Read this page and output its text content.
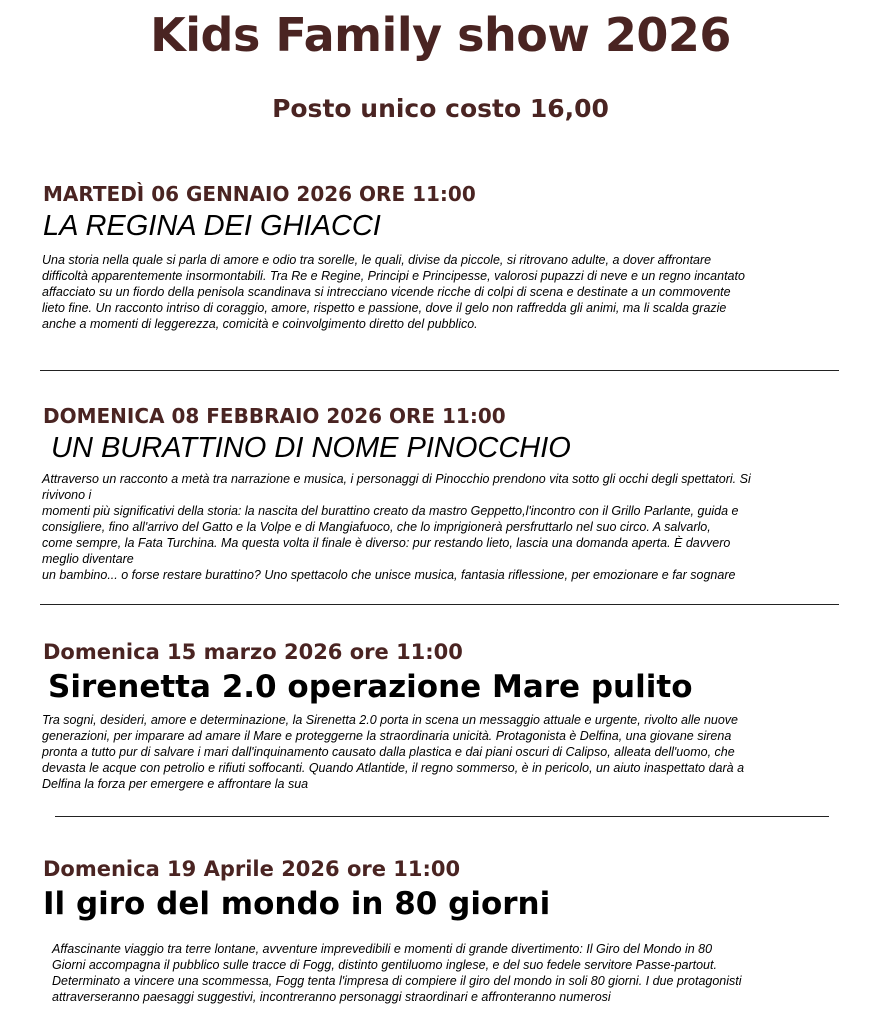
Kids Family show 2026
Posto unico costo 16,00
MARTEDÌ 06 GENNAIO 2026 ORE 11:00
LA REGINA DEI GHIACCI
Una storia nella quale si parla di amore e odio tra sorelle, le quali, divise da piccole, si ritrovano adulte, a dover affrontare
difficoltà apparentemente insormontabili. Tra Re e Regine, Principi e Principesse, valorosi pupazzi di neve e un regno incantato
affacciato su un fiordo della penisola scandinava si intrecciano vicende ricche di colpi di scena e destinate a un commovente
lieto fine. Un racconto intriso di coraggio, amore, rispetto e passione, dove il gelo non raffredda gli animi, ma li scalda grazie
anche a momenti di leggerezza, comicità e coinvolgimento diretto del pubblico.
DOMENICA 08 FEBBRAIO 2026 ORE 11:00
UN BURATTINO DI NOME PINOCCHIO
Attraverso un racconto a metà tra narrazione e musica, i personaggi di Pinocchio prendono vita sotto gli occhi degli spettatori. Si
rivivono i
momenti più significativi della storia: la nascita del burattino creato da mastro Geppetto,l'incontro con il Grillo Parlante, guida e
consigliere, fino all'arrivo del Gatto e la Volpe e di Mangiafuoco, che lo imprigionerà persfruttarlo nel suo circo. A salvarlo,
come sempre, la Fata Turchina. Ma questa volta il finale è diverso: pur restando lieto, lascia una domanda aperta. È davvero
meglio diventare
un bambino... o forse restare burattino? Uno spettacolo che unisce musica, fantasia riflessione, per emozionare e far sognare
Domenica 15 marzo 2026 ore 11:00
Sirenetta 2.0 operazione Mare pulito
Tra sogni, desideri, amore e determinazione, la Sirenetta 2.0 porta in scena un messaggio attuale e urgente, rivolto alle nuove
generazioni, per imparare ad amare il Mare e proteggerne la straordinaria unicità. Protagonista è Delfina, una giovane sirena
pronta a tutto pur di salvare i mari dall'inquinamento causato dalla plastica e dai piani oscuri di Calipso, alleata dell'uomo, che
devasta le acque con petrolio e rifiuti soffocanti. Quando Atlantide, il regno sommerso, è in pericolo, un aiuto inaspettato darà a
Delfina la forza per emergere e affrontare la sua
Domenica 19 Aprile 2026 ore 11:00
Il giro del mondo in 80 giorni
Affascinante viaggio tra terre lontane, avventure imprevedibili e momenti di grande divertimento: Il Giro del Mondo in 80
Giorni accompagna il pubblico sulle tracce di Fogg, distinto gentiluomo inglese, e del suo fedele servitore Passe-partout.
Determinato a vincere una scommessa, Fogg tenta l'impresa di compiere il giro del mondo in soli 80 giorni. I due protagonisti
attraverseranno paesaggi suggestivi, incontreranno personaggi straordinari e affronteranno numerosi
